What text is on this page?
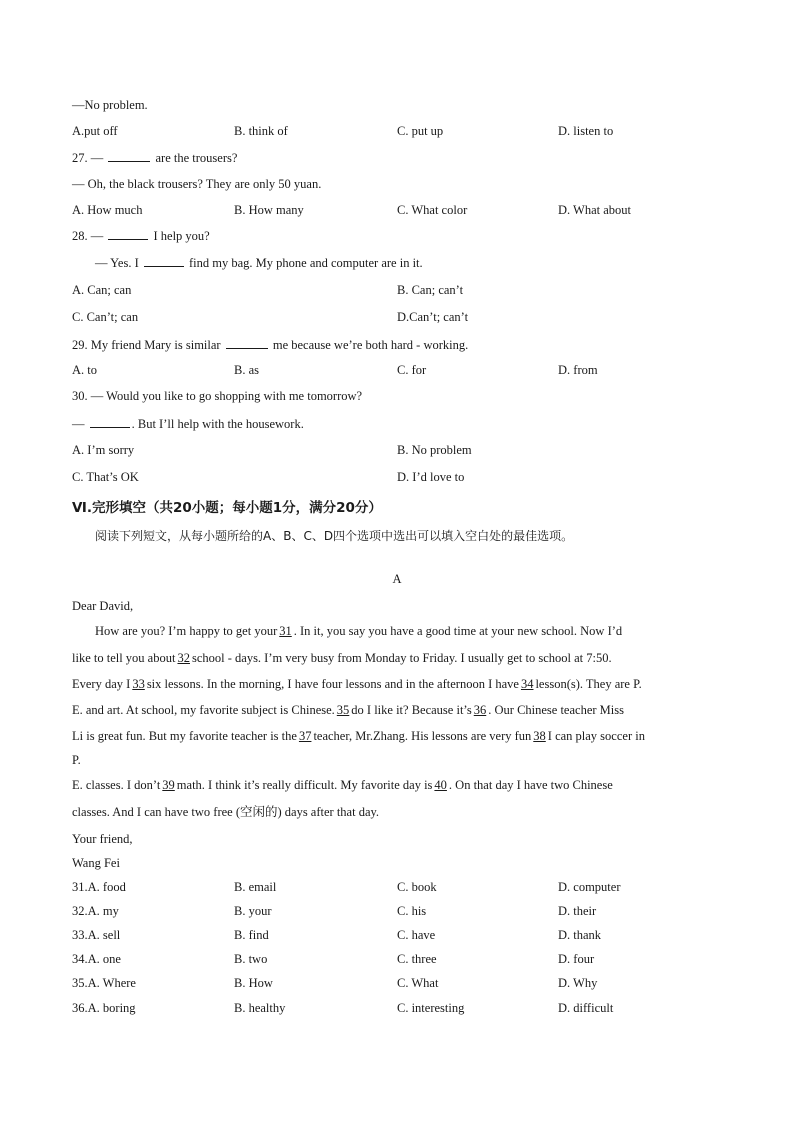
—No problem.
A.put off	B. think of	C. put up	D. listen to
27. —	are the trousers?
— Oh, the black trousers? They are only 50 yuan.
A. How much	B. How many	C. What color	D. What about
28. —	I help you?
— Yes. I	find my bag. My phone and computer are in it.
A. Can; can	B. Can; can’t
C. Can’t; can	D.Can’t; can’t
29. My friend Mary is similar	me because we’re both hard - working.
A. to	B. as	C. for	D. from
30. — Would you like to go shopping with me tomorrow?
—	. But I’ll help with the housework.
A. I’m sorry	B. No problem
C. That’s OK	D. I’d love to
Ⅵ.完形填空（共20小题；每小题1分，满分20分）
阅读下列短文，从每小题所给的A、B、C、D四个选项中选出可以填入空白处的最佳选项。
A
Dear David,
How are you? I’m happy to get your 31 . In it, you say you have a good time at your new school. Now I’d
like to tell you about 32 school - days. I’m very busy from Monday to Friday. I usually get to school at 7:50.
Every day I 33 six lessons. In the morning, I have four lessons and in the afternoon I have 34 lesson(s). They are P.
E. and art. At school, my favorite subject is Chinese. 35 do I like it? Because it’s 36 . Our Chinese teacher Miss
Li is great fun. But my favorite teacher is the 37 teacher, Mr.Zhang. His lessons are very fun 38 I can play soccer in
P.
E. classes. I don’t 39 math. I think it’s really difficult. My favorite day is 40 . On that day I have two Chinese
classes. And I can have two free (空闲的) days after that day.
Your friend,
Wang Fei
31.A. food	B. email	C. book	D. computer
32.A. my	B. your	C. his	D. their
33.A. sell	B. find	C. have	D. thank
34.A. one	B. two	C. three	D. four
35.A. Where	B. How	C. What	D. Why
36.A. boring	B. healthy	C. interesting	D. difficult
